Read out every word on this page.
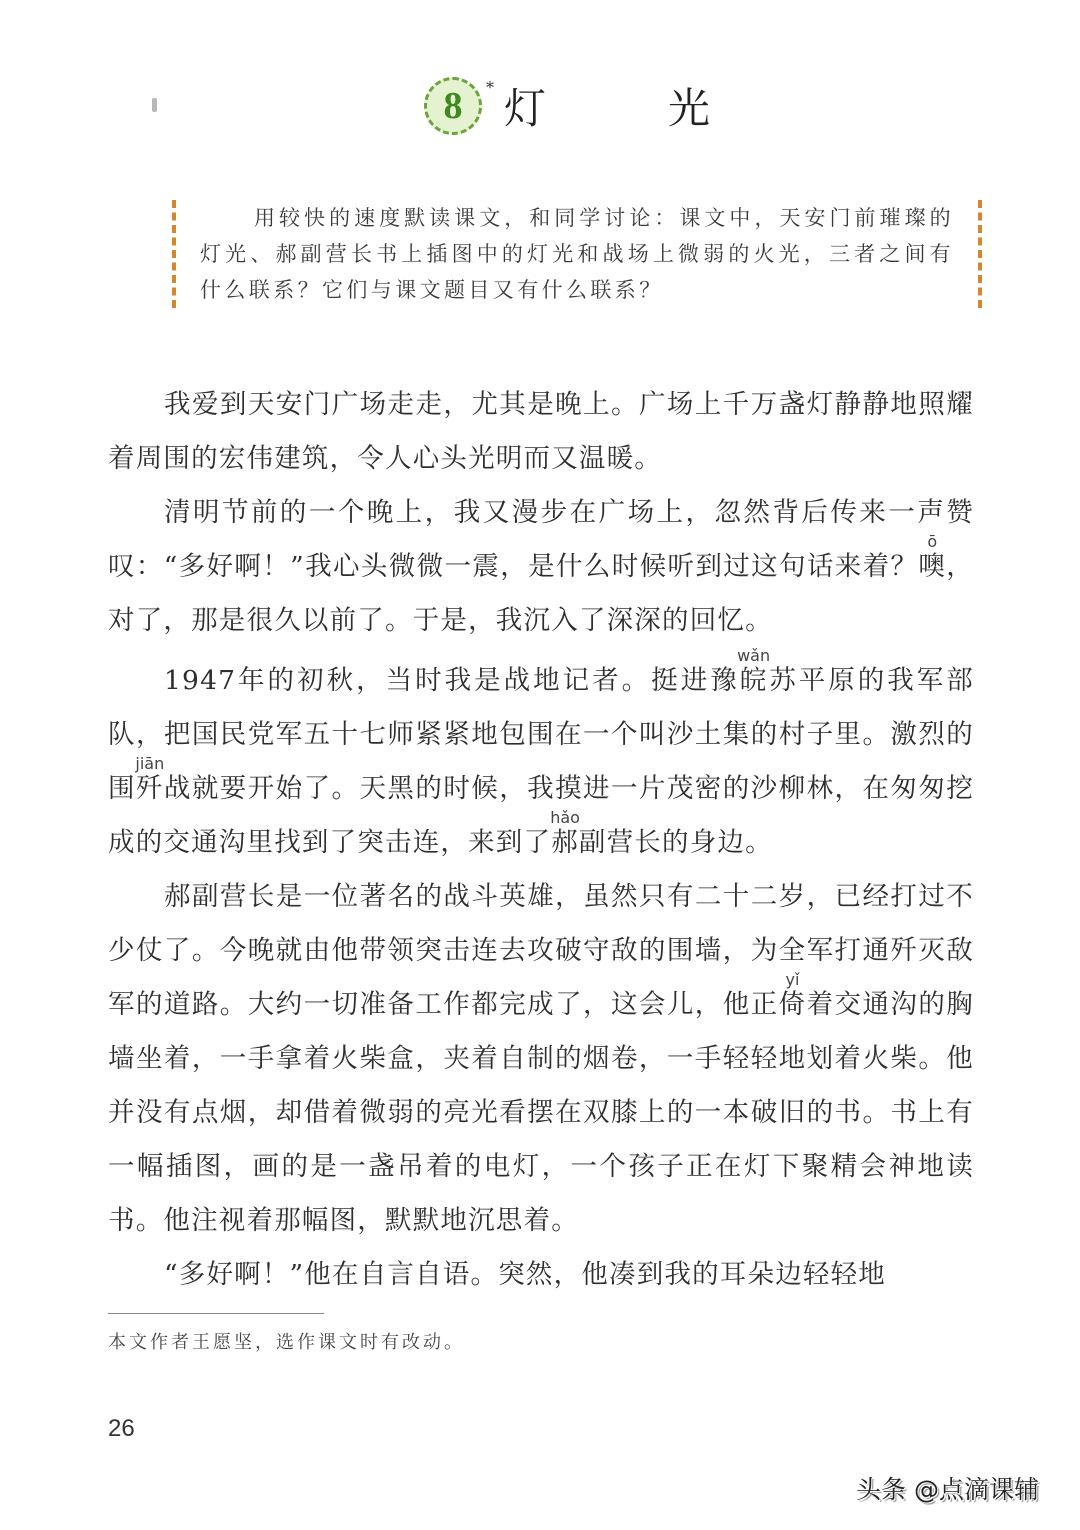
8 * 灯　光

用较快的速度默读课文，和同学讨论：课文中，天安门前璀璨的灯光、郝副营长书上插图中的灯光和战场上微弱的火光，三者之间有什么联系？它们与课文题目又有什么联系？

我爱到天安门广场走走，尤其是晚上。广场上千万盏灯静静地照耀着周围的宏伟建筑，令人心头光明而又温暖。

清明节前的一个晚上，我又漫步在广场上，忽然背后传来一声赞叹：“多好啊！”我心头微微一震，是什么时候听到过这句话来着？噢ō，对了，那是很久以前了。于是，我沉入了深深的回忆。

1947年的初秋，当时我是战地记者。挺进豫皖wǎn苏平原的我军部队，把国民党军五十七师紧紧地包围在一个叫沙土集的村子里。激烈的围歼jiān战就要开始了。天黑的时候，我摸进一片茂密的沙柳林，在匆匆挖成的交通沟里找到了突击连，来到了郝hǎo副营长的身边。

郝副营长是一位著名的战斗英雄，虽然只有二十二岁，已经打过不少仗了。今晚就由他带领突击连去攻破守敌的围墙，为全军打通歼灭敌军的道路。大约一切准备工作都完成了，这会儿，他正倚yǐ着交通沟的胸墙坐着，一手拿着火柴盒，夹着自制的烟卷，一手轻轻地划着火柴。他并没有点烟，却借着微弱的亮光看摆在双膝上的一本破旧的书。书上有一幅插图，画的是一盏吊着的电灯，一个孩子正在灯下聚精会神地读书。他注视着那幅图，默默地沉思着。

“多好啊！”他在自言自语。突然，他凑到我的耳朵边轻轻地

本文作者王愿坚，选作课文时有改动。
26
头条 @点滴课辅
